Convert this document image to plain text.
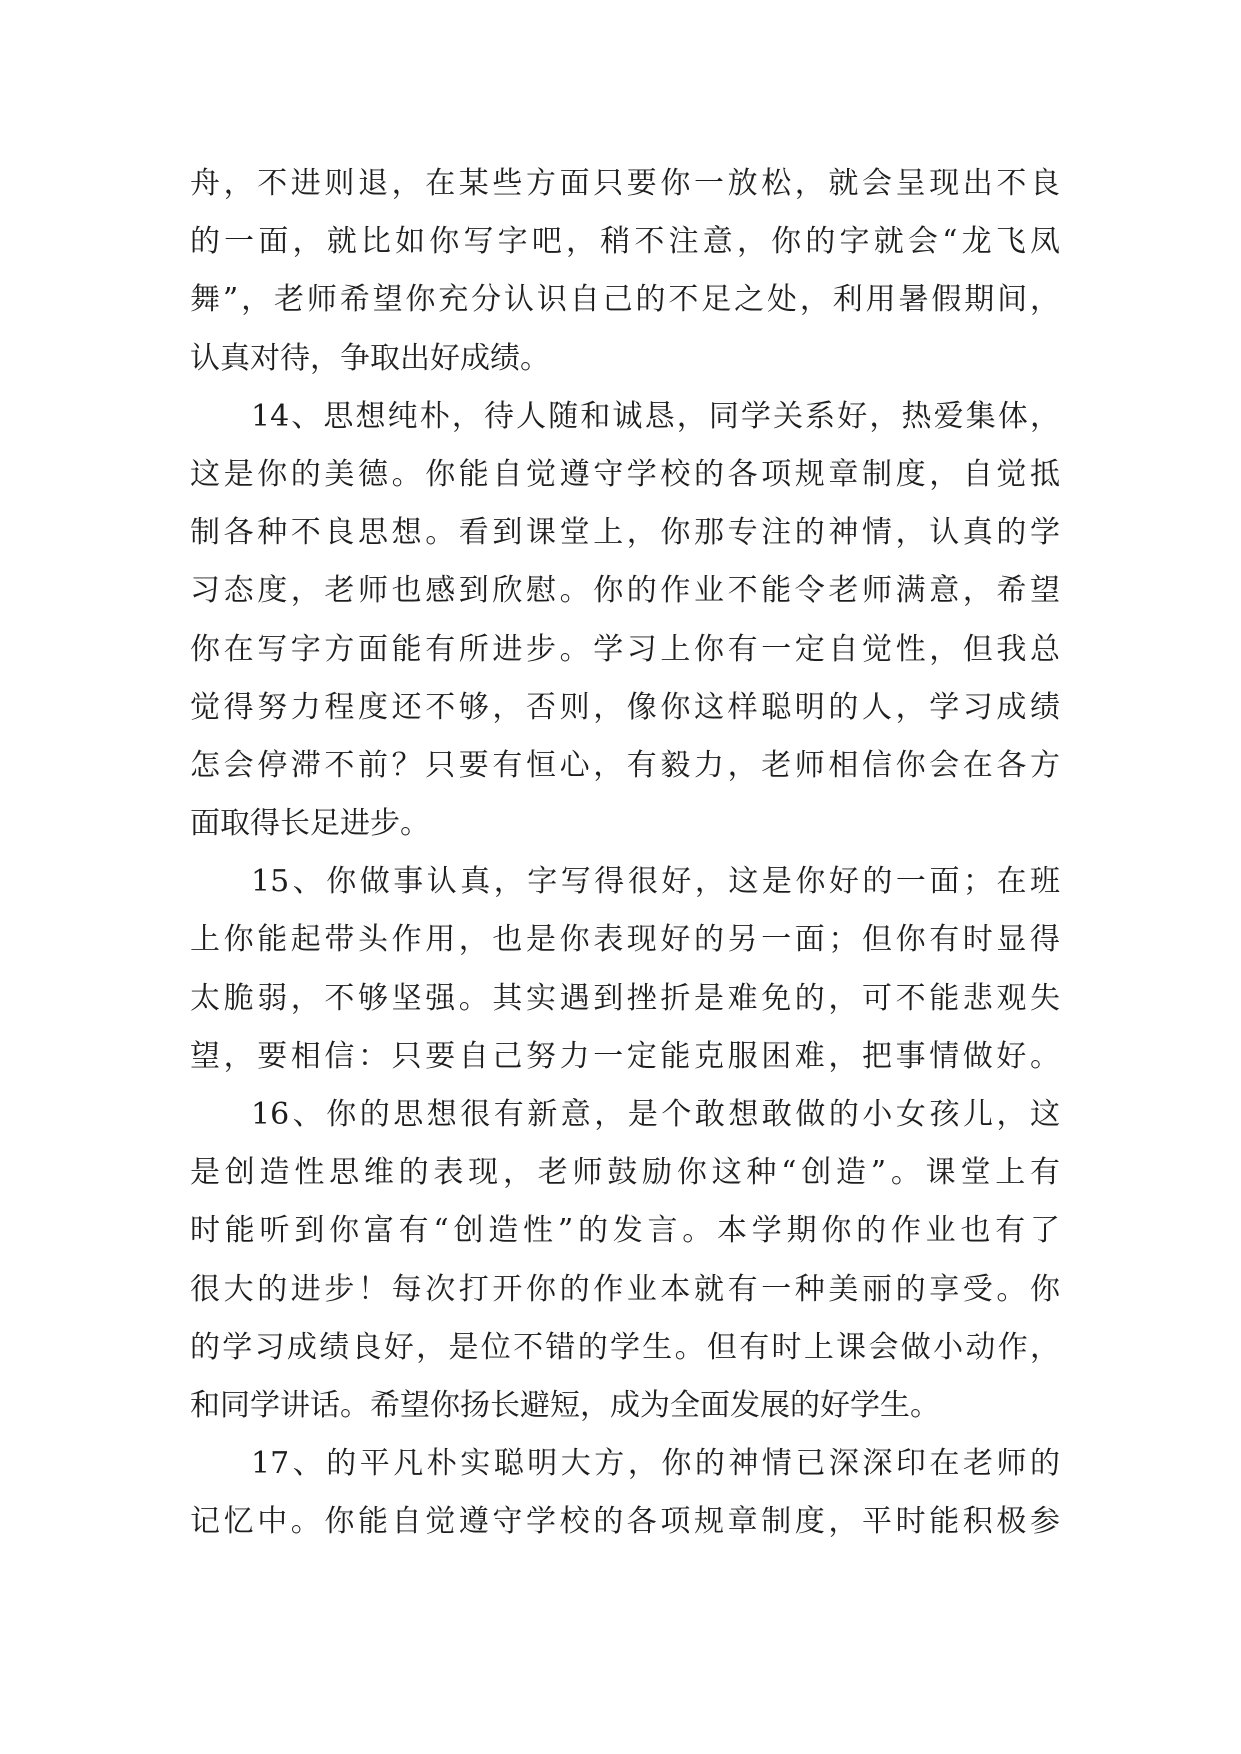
舟，不进则退，在某些方面只要你一放松，就会呈现出不良
的一面，就比如你写字吧，稍不注意，你的字就会“龙飞凤
舞”，老师希望你充分认识自己的不足之处，利用暑假期间，
认真对待，争取出好成绩。
14、思想纯朴，待人随和诚恳，同学关系好，热爱集体，
这是你的美德。你能自觉遵守学校的各项规章制度，自觉抵
制各种不良思想。看到课堂上，你那专注的神情，认真的学
习态度，老师也感到欣慰。你的作业不能令老师满意，希望
你在写字方面能有所进步。学习上你有一定自觉性，但我总
觉得努力程度还不够，否则，像你这样聪明的人，学习成绩
怎会停滞不前？只要有恒心，有毅力，老师相信你会在各方
面取得长足进步。
15、你做事认真，字写得很好，这是你好的一面；在班
上你能起带头作用，也是你表现好的另一面；但你有时显得
太脆弱，不够坚强。其实遇到挫折是难免的，可不能悲观失
望，要相信：只要自己努力一定能克服困难，把事情做好。
16、你的思想很有新意，是个敢想敢做的小女孩儿，这
是创造性思维的表现，老师鼓励你这种“创造”。课堂上有
时能听到你富有“创造性”的发言。本学期你的作业也有了
很大的进步！每次打开你的作业本就有一种美丽的享受。你
的学习成绩良好，是位不错的学生。但有时上课会做小动作，
和同学讲话。希望你扬长避短，成为全面发展的好学生。
17、的平凡朴实聪明大方，你的神情已深深印在老师的
记忆中。你能自觉遵守学校的各项规章制度，平时能积极参
